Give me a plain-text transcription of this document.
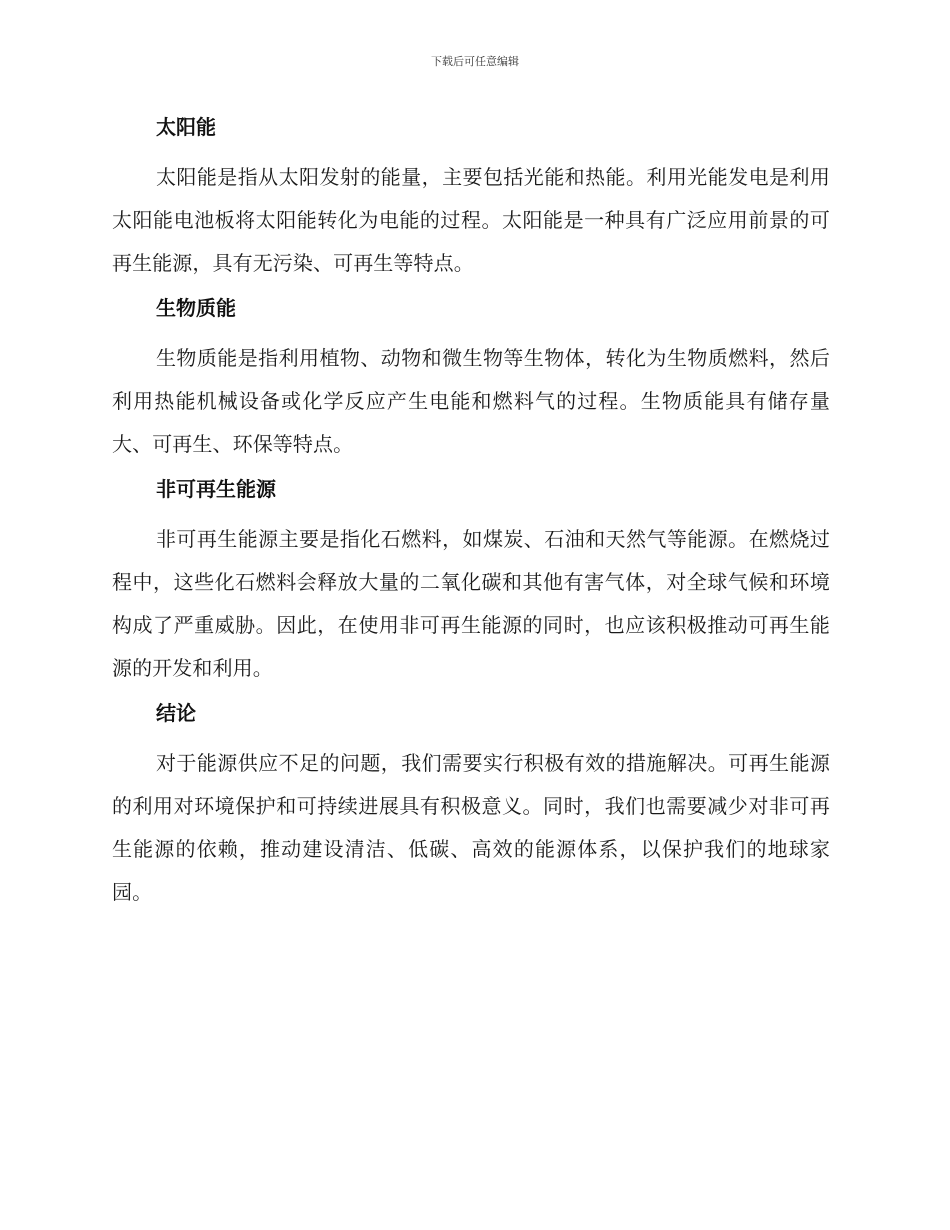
下载后可任意编辑
太阳能

太阳能是指从太阳发射的能量，主要包括光能和热能。利用光能发电是利用太阳能电池板将太阳能转化为电能的过程。太阳能是一种具有广泛应用前景的可再生能源，具有无污染、可再生等特点。

生物质能

生物质能是指利用植物、动物和微生物等生物体，转化为生物质燃料，然后利用热能机械设备或化学反应产生电能和燃料气的过程。生物质能具有储存量大、可再生、环保等特点。

非可再生能源

非可再生能源主要是指化石燃料，如煤炭、石油和天然气等能源。在燃烧过程中，这些化石燃料会释放大量的二氧化碳和其他有害气体，对全球气候和环境构成了严重威胁。因此，在使用非可再生能源的同时，也应该积极推动可再生能源的开发和利用。

结论

对于能源供应不足的问题，我们需要实行积极有效的措施解决。可再生能源的利用对环境保护和可持续进展具有积极意义。同时，我们也需要减少对非可再生能源的依赖，推动建设清洁、低碳、高效的能源体系，以保护我们的地球家园。
